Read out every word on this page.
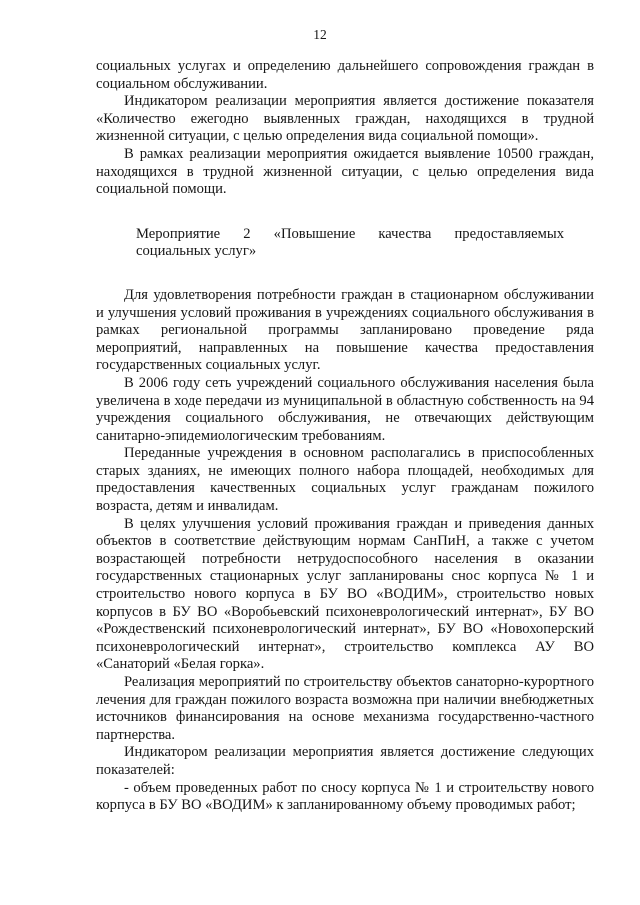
12

социальных услугах и определению дальнейшего сопровождения граждан в социальном обслуживании.

Индикатором реализации мероприятия является достижение показателя «Количество ежегодно выявленных граждан, находящихся в трудной жизненной ситуации, с целью определения вида социальной помощи».

В рамках реализации мероприятия ожидается выявление 10500 граждан, находящихся в трудной жизненной ситуации, с целью определения вида социальной помощи.

Мероприятие 2 «Повышение качества предоставляемых социальных услуг»

Для удовлетворения потребности граждан в стационарном обслуживании и улучшения условий проживания в учреждениях социального обслуживания в рамках региональной программы запланировано проведение ряда мероприятий, направленных на повышение качества предоставления государственных социальных услуг.

В 2006 году сеть учреждений социального обслуживания населения была увеличена в ходе передачи из муниципальной в областную собственность на 94 учреждения социального обслуживания, не отвечающих действующим санитарно-эпидемиологическим требованиям.

Переданные учреждения в основном располагались в приспособленных старых зданиях, не имеющих полного набора площадей, необходимых для предоставления качественных социальных услуг гражданам пожилого возраста, детям и инвалидам.

В целях улучшения условий проживания граждан и приведения данных объектов в соответствие действующим нормам СанПиН, а также с учетом возрастающей потребности нетрудоспособного населения в оказании государственных стационарных услуг запланированы снос корпуса № 1 и строительство нового корпуса в БУ ВО «ВОДИМ», строительство новых корпусов в БУ ВО «Воробьевский психоневрологический интернат», БУ ВО «Рождественский психоневрологический интернат», БУ ВО «Новохоперский психоневрологический интернат», строительство комплекса АУ ВО «Санаторий «Белая горка».

Реализация мероприятий по строительству объектов санаторно-курортного лечения для граждан пожилого возраста возможна при наличии внебюджетных источников финансирования на основе механизма государственно-частного партнерства.

Индикатором реализации мероприятия является достижение следующих показателей:

- объем проведенных работ по сносу корпуса № 1 и строительству нового корпуса в БУ ВО «ВОДИМ» к запланированному объему проводимых работ;
